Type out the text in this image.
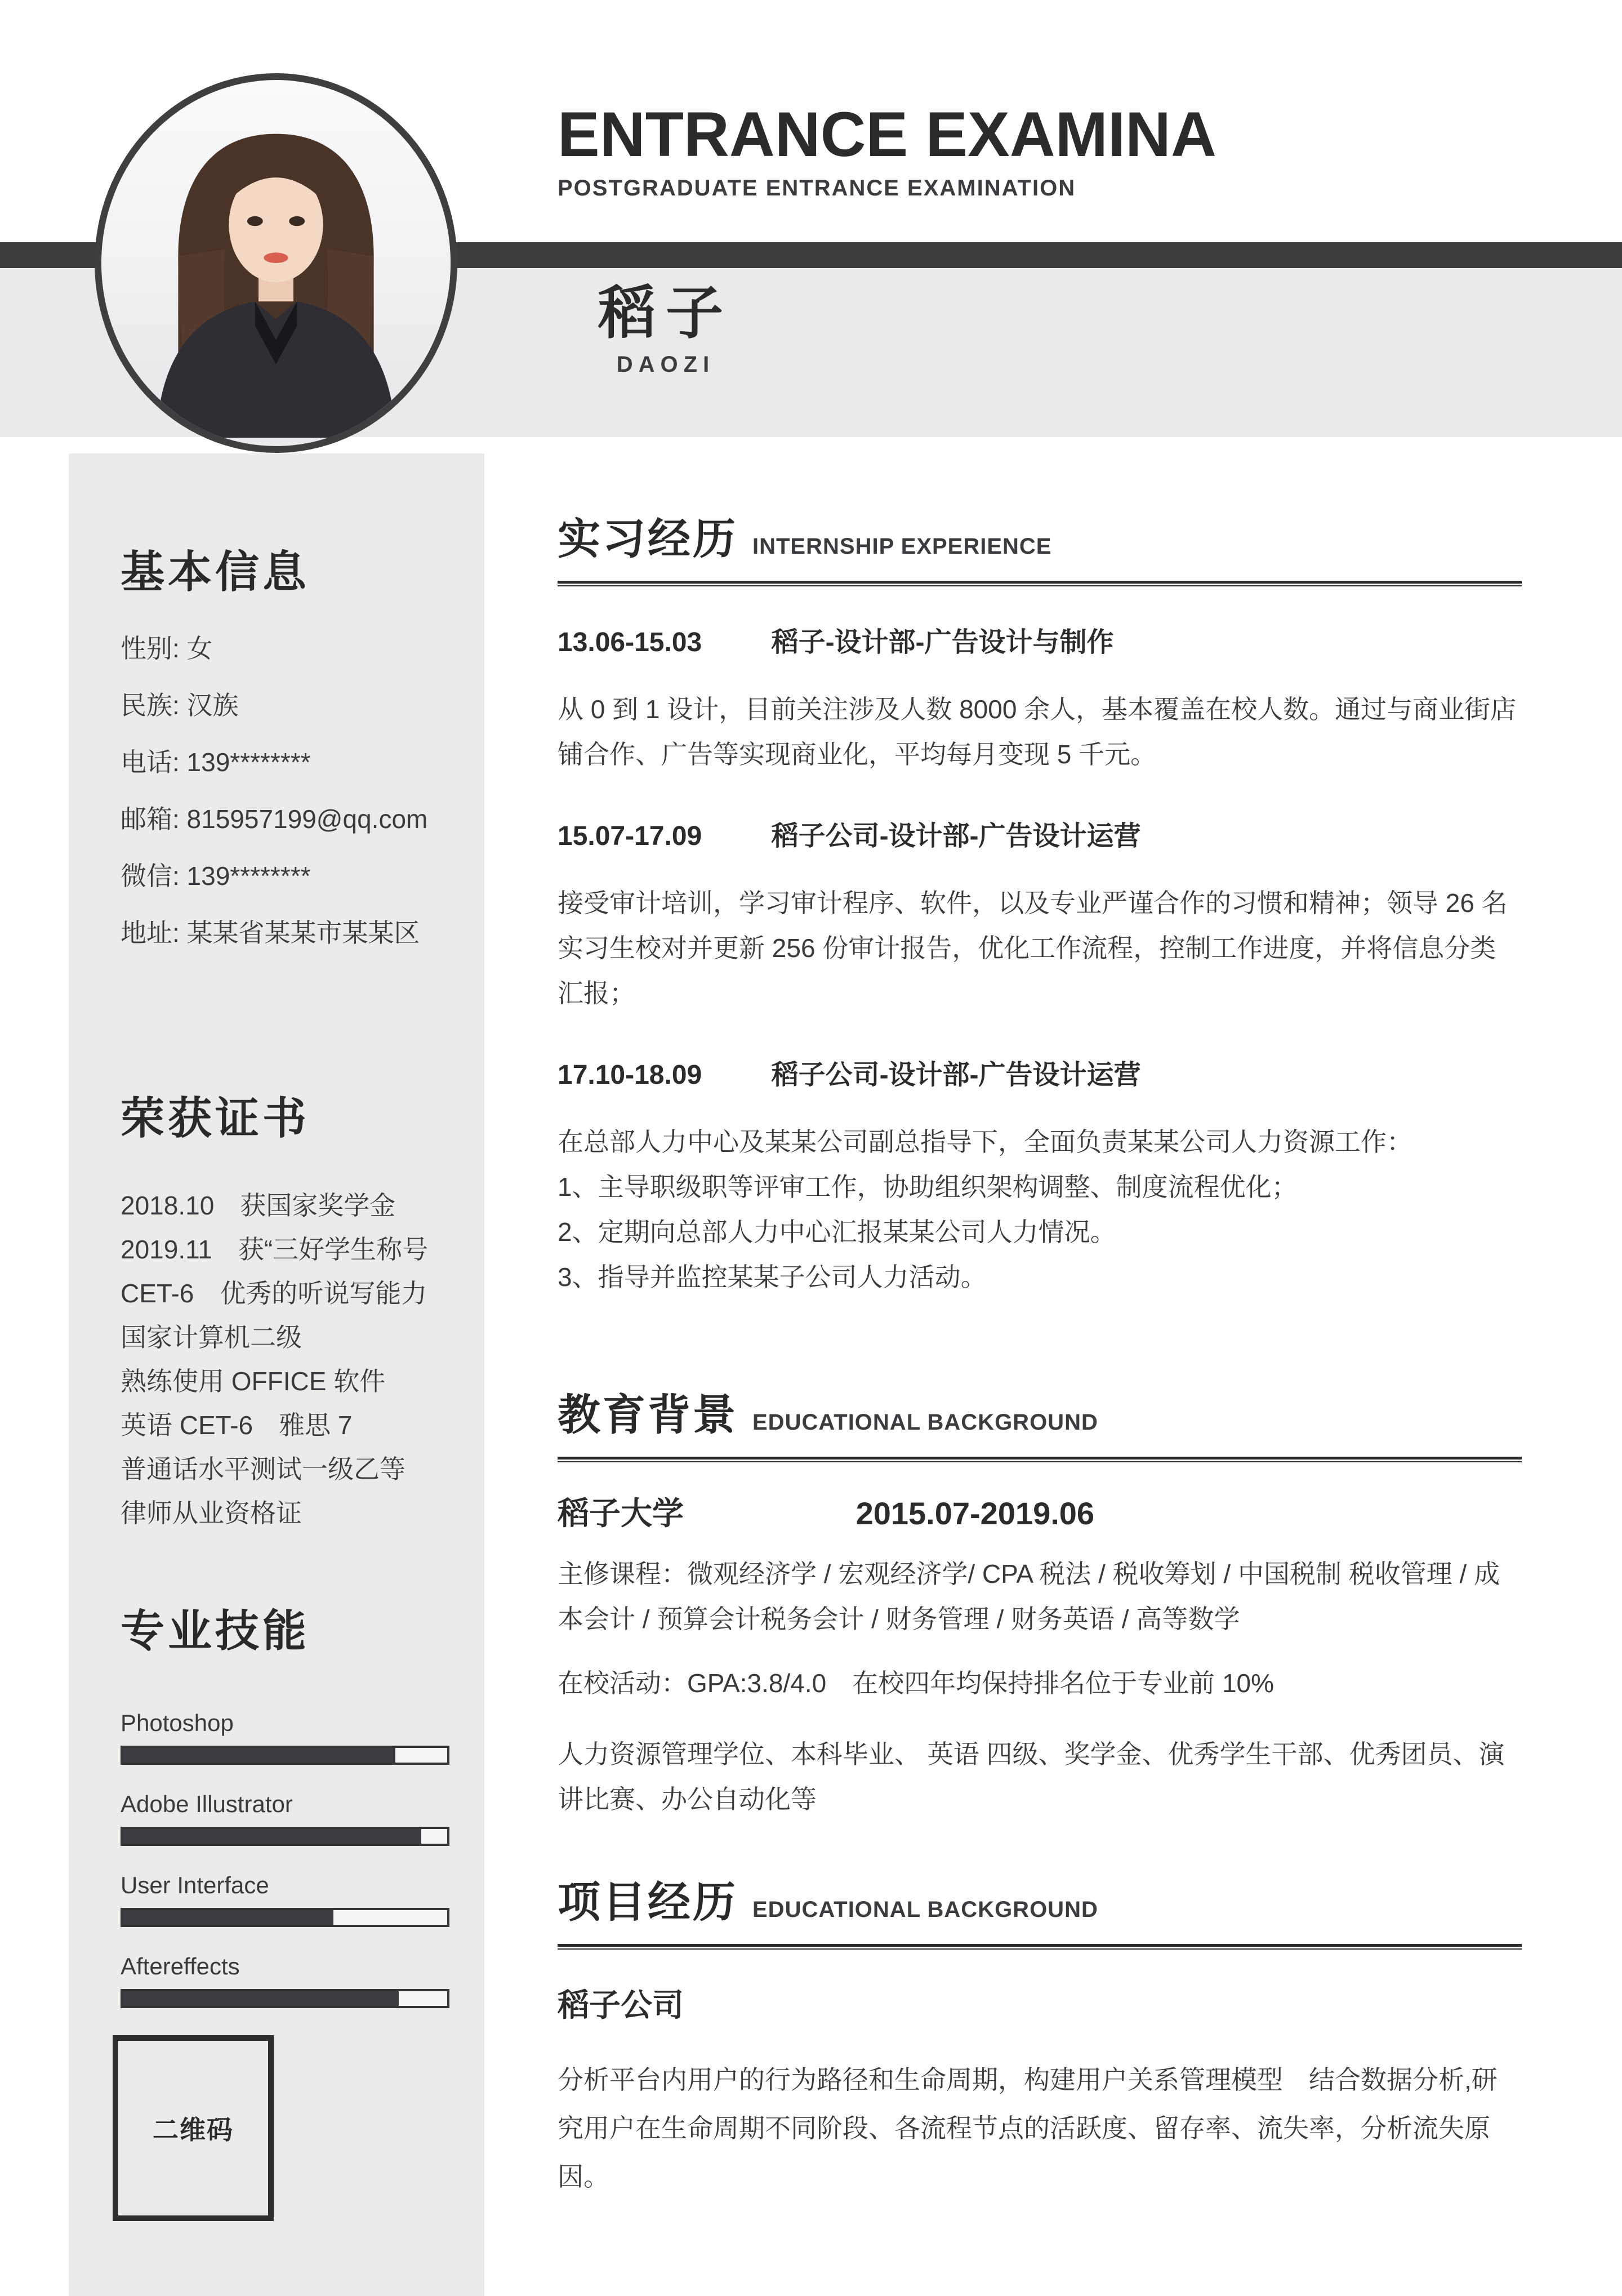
ENTRANCE EXAMINA
POSTGRADUATE ENTRANCE EXAMINATION
稻子
DAOZI
基本信息
性别: 女
民族: 汉族
电话: 139********
邮箱: 815957199@qq.com
微信: 139********
地址: 某某省某某市某某区
荣获证书
2018.10　获国家奖学金
2019.11　获“三好学生称号
CET-6　优秀的听说写能力
国家计算机二级
熟练使用 OFFICE 软件
英语 CET-6　雅思 7
普通话水平测试一级乙等
律师从业资格证
专业技能
Photoshop
Adobe Illustrator
User Interface
Aftereffects
二维码
实习经历 INTERNSHIP EXPERIENCE
13.06-15.03	稻子-设计部-广告设计与制作

从 0 到 1 设计，目前关注涉及人数 8000 余人，基本覆盖在校人数。通过与商业街店铺合作、广告等实现商业化，平均每月变现 5 千元。

15.07-17.09	稻子公司-设计部-广告设计运营

接受审计培训，学习审计程序、软件，以及专业严谨合作的习惯和精神；领导 26 名实习生校对并更新 256 份审计报告，优化工作流程，控制工作进度，并将信息分类汇报；

17.10-18.09	稻子公司-设计部-广告设计运营

在总部人力中心及某某公司副总指导下，全面负责某某公司人力资源工作：

1、主导职级职等评审工作，协助组织架构调整、制度流程优化；

2、定期向总部人力中心汇报某某公司人力情况。

3、指导并监控某某子公司人力活动。

教育背景 EDUCATIONAL BACKGROUND
稻子大学	2015.07-2019.06

主修课程：微观经济学 / 宏观经济学/ CPA 税法 / 税收筹划 / 中国税制 税收管理 / 成本会计 / 预算会计税务会计 / 财务管理 / 财务英语 / 高等数学

在校活动：GPA:3.8/4.0　在校四年均保持排名位于专业前 10%

人力资源管理学位、本科毕业、 英语 四级、奖学金、优秀学生干部、优秀团员、演讲比赛、办公自动化等

项目经历 EDUCATIONAL BACKGROUND
稻子公司

分析平台内用户的行为路径和生命周期，构建用户关系管理模型　结合数据分析,研究用户在生命周期不同阶段、各流程节点的活跃度、留存率、流失率，分析流失原因。
